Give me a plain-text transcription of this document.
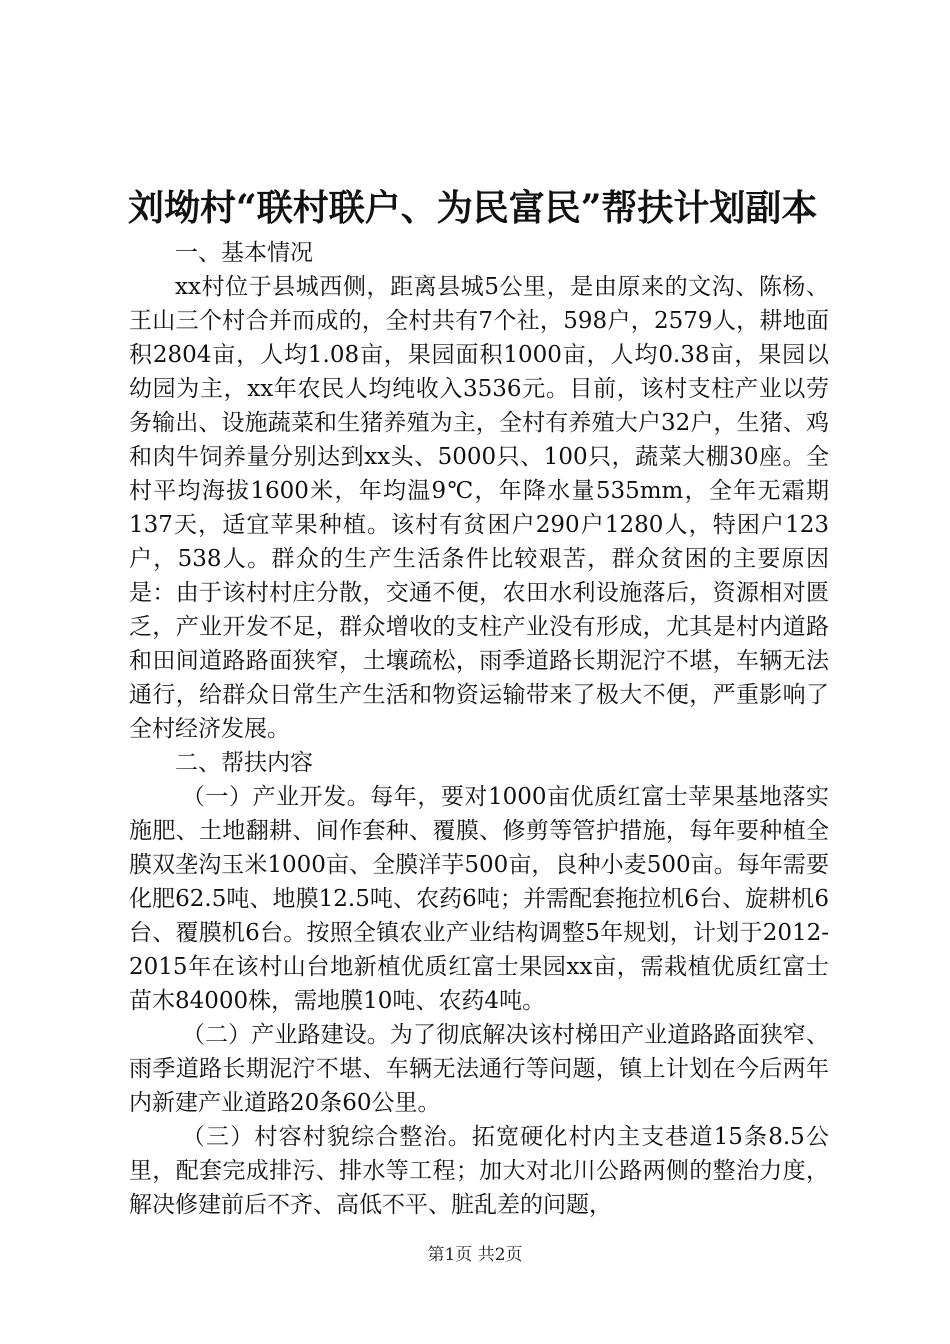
刘坳村“联村联户、为民富民”帮扶计划副本

一、基本情况

xx村位于县城西侧，距离县城5公里，是由原来的文沟、陈杨、王山三个村合并而成的，全村共有7个社，598户，2579人，耕地面积2804亩，人均1.08亩，果园面积1000亩，人均0.38亩，果园以幼园为主，xx年农民人均纯收入3536元。目前，该村支柱产业以劳务输出、设施蔬菜和生猪养殖为主，全村有养殖大户32户，生猪、鸡和肉牛饲养量分别达到xx头、5000只、100只，蔬菜大棚30座。全村平均海拔1600米，年均温9℃，年降水量535mm，全年无霜期137天，适宜苹果种植。该村有贫困户290户1280人，特困户123户，538人。群众的生产生活条件比较艰苦，群众贫困的主要原因是：由于该村村庄分散，交通不便，农田水利设施落后，资源相对匮乏，产业开发不足，群众增收的支柱产业没有形成，尤其是村内道路和田间道路路面狭窄，土壤疏松，雨季道路长期泥泞不堪，车辆无法通行，给群众日常生产生活和物资运输带来了极大不便，严重影响了全村经济发展。

二、帮扶内容

（一）产业开发。每年，要对1000亩优质红富士苹果基地落实施肥、土地翻耕、间作套种、覆膜、修剪等管护措施，每年要种植全膜双垄沟玉米1000亩、全膜洋芋500亩，良种小麦500亩。每年需要化肥62.5吨、地膜12.5吨、农药6吨；并需配套拖拉机6台、旋耕机6台、覆膜机6台。按照全镇农业产业结构调整5年规划，计划于2012-2015年在该村山台地新植优质红富士果园xx亩，需栽植优质红富士苗木84000株，需地膜10吨、农药4吨。

（二）产业路建设。为了彻底解决该村梯田产业道路路面狭窄、雨季道路长期泥泞不堪、车辆无法通行等问题，镇上计划在今后两年内新建产业道路20条60公里。

（三）村容村貌综合整治。拓宽硬化村内主支巷道15条8.5公里，配套完成排污、排水等工程；加大对北川公路两侧的整治力度，解决修建前后不齐、高低不平、脏乱差的问题，

第1页 共2页
